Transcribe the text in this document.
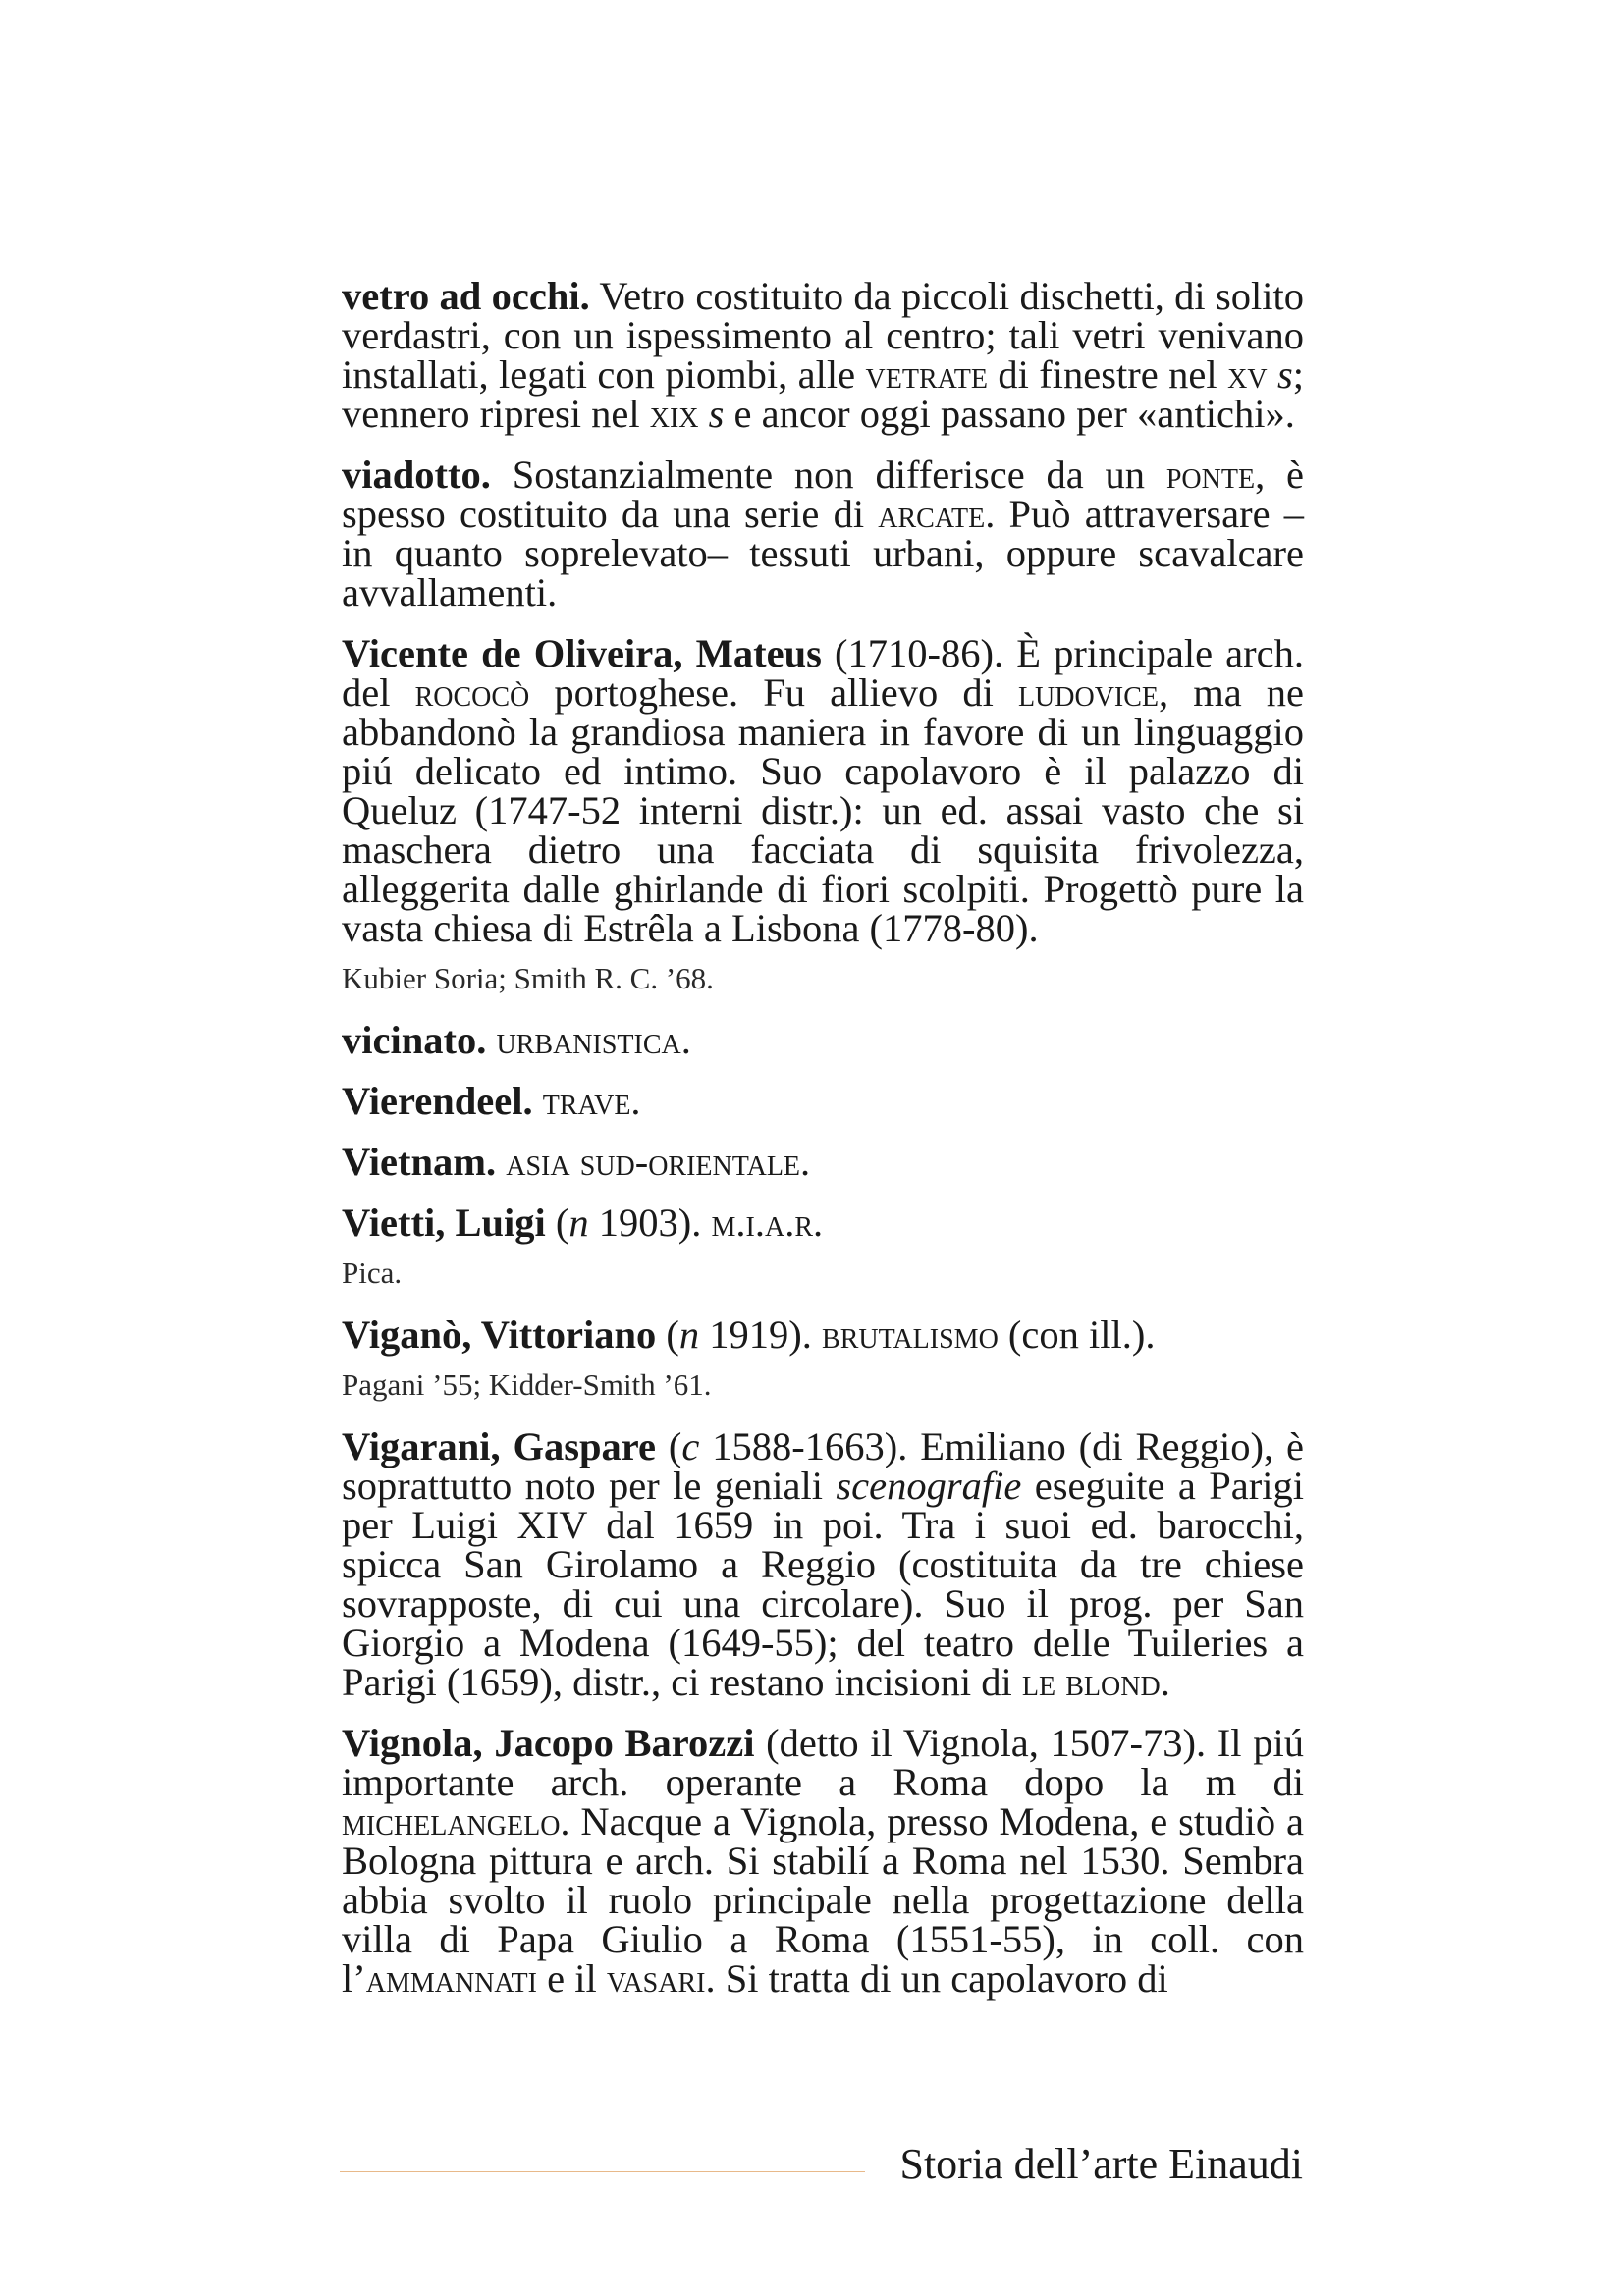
vetro ad occhi. Vetro costituito da piccoli dischetti, di solito verdastri, con un ispessimento al centro; tali vetri venivano installati, legati con piombi, alle vetrate di finestre nel xv s; vennero ripresi nel xix s e ancor oggi passano per «antichi».

viadotto. Sostanzialmente non differisce da un ponte, è spesso costituito da una serie di arcate. Può attraversare – in quanto soprelevato– tessuti urbani, oppure scavalcare avvallamenti.

Vicente de Oliveira, Mateus (1710-86). È principale arch. del rococò portoghese. Fu allievo di ludovice, ma ne abbandonò la grandiosa maniera in favore di un linguaggio piú delicato ed intimo. Suo capolavoro è il palazzo di Queluz (1747-52 interni distr.): un ed. assai vasto che si maschera dietro una facciata di squisita frivolezza, alleggerita dalle ghirlande di fiori scolpiti. Progettò pure la vasta chiesa di Estrêla a Lisbona (1778-80).

Kubier Soria; Smith R. C. ’68.

vicinato. urbanistica.

Vierendeel. trave.

Vietnam. asia sud-orientale.

Vietti, Luigi (n 1903). m.i.a.r.

Pica.

Viganò, Vittoriano (n 1919). brutalismo (con ill.).

Pagani ’55; Kidder-Smith ’61.

Vigarani, Gaspare (c 1588-1663). Emiliano (di Reggio), è soprattutto noto per le geniali scenografie eseguite a Parigi per Luigi XIV dal 1659 in poi. Tra i suoi ed. barocchi, spicca San Girolamo a Reggio (costituita da tre chiese sovrapposte, di cui una circolare). Suo il prog. per San Giorgio a Modena (1649-55); del teatro delle Tuileries a Parigi (1659), distr., ci restano incisioni di le blond.

Vignola, Jacopo Barozzi (detto il Vignola, 1507-73). Il piú importante arch. operante a Roma dopo la m di michelangelo. Nacque a Vignola, presso Modena, e studiò a Bologna pittura e arch. Si stabilí a Roma nel 1530. Sembra abbia svolto il ruolo principale nella progettazione della villa di Papa Giulio a Roma (1551-55), in coll. con l’ammannati e il vasari. Si tratta di un capolavoro di

Storia dell’arte Einaudi
